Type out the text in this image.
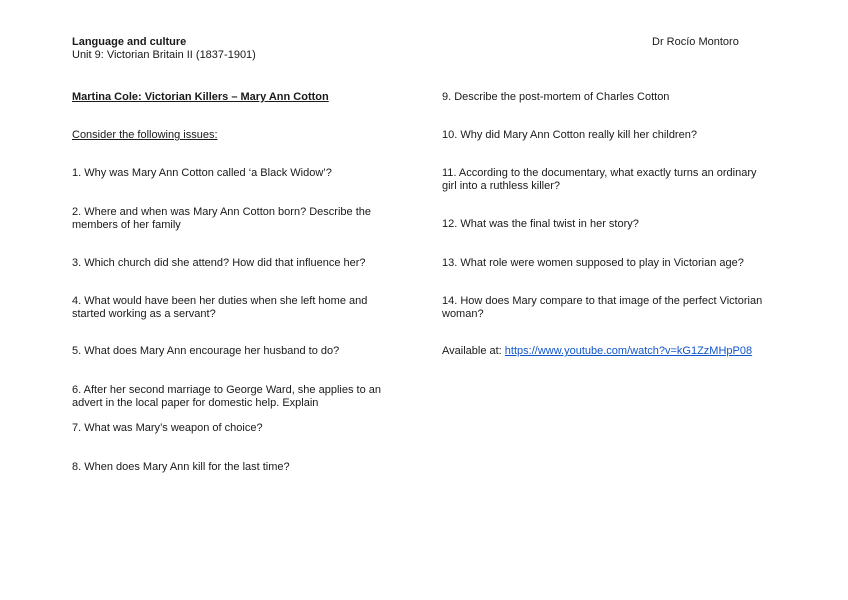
Language and culture
Unit 9: Victorian Britain II (1837-1901)
Dr Rocío Montoro
Martina Cole: Victorian Killers – Mary Ann Cotton
Consider the following issues:
1. Why was Mary Ann Cotton called ‘a Black Widow’?
2. Where and when was Mary Ann Cotton born? Describe the members of her family
3. Which church did she attend? How did that influence her?
4. What would have been her duties when she left home and started working as a servant?
5. What does Mary Ann encourage her husband to do?
6. After her second marriage to George Ward, she applies to an advert in the local paper for domestic help. Explain
7. What was Mary’s weapon of choice?
8. When does Mary Ann kill for the last time?
9. Describe the post-mortem of Charles Cotton
10. Why did Mary Ann Cotton really kill her children?
11. According to the documentary, what exactly turns an ordinary girl into a ruthless killer?
12. What was the final twist in her story?
13. What role were women supposed to play in Victorian age?
14. How does Mary compare to that image of the perfect Victorian woman?
Available at: https://www.youtube.com/watch?v=kG1ZzMHpP08
